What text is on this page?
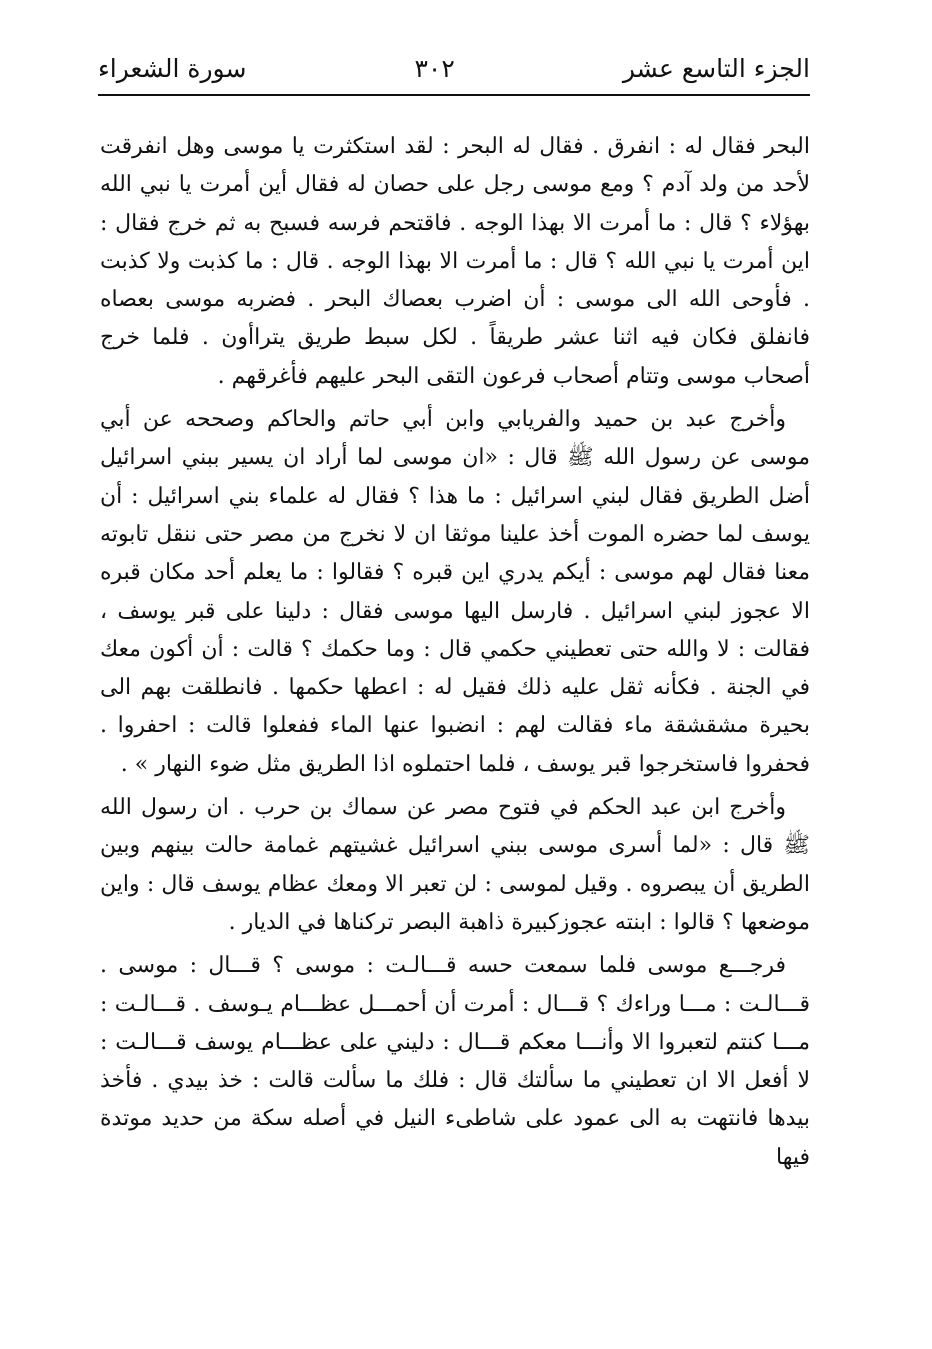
الجزء التاسع عشر
٣٠٢
سورة الشعراء

البحر فقال له : انفرق . فقال له البحر : لقد استكثرت يا موسى وهل انفرقت لأحد من ولد آدم ؟ ومع موسى رجل على حصان له فقال أين أمرت يا نبي الله بهؤلاء ؟ قال : ما أمرت الا بهذا الوجه . فاقتحم فرسه فسبح به ثم خرج فقال : اين أمرت يا نبي الله ؟ قال : ما أمرت الا بهذا الوجه . قال : ما كذبت ولا كذبت . فأوحى الله الى موسى : أن اضرب بعصاك البحر . فضربه موسى بعصاه فانفلق فكان فيه اثنا عشر طريقاً . لكل سبط طريق يتراأون . فلما خرج أصحاب موسى وتتام أصحاب فرعون التقى البحر عليهم فأغرقهم .

وأخرج عبد بن حميد والفريابي وابن أبي حاتم والحاكم وصححه عن أبي موسى عن رسول الله ﷺ قال : «ان موسى لما أراد ان يسير ببني اسرائيل أضل الطريق فقال لبني اسرائيل : ما هذا ؟ فقال له علماء بني اسرائيل : أن يوسف لما حضره الموت أخذ علينا موثقا ان لا نخرج من مصر حتى ننقل تابوته معنا فقال لهم موسى : أيكم يدري اين قبره ؟ فقالوا : ما يعلم أحد مكان قبره الا عجوز لبني اسرائيل . فارسل اليها موسى فقال : دلينا على قبر يوسف ، فقالت : لا والله حتى تعطيني حكمي قال : وما حكمك ؟ قالت : أن أكون معك في الجنة . فكأنه ثقل عليه ذلك فقيل له : اعطها حكمها . فانطلقت بهم الى بحيرة مشقشقة ماء فقالت لهم : انضبوا عنها الماء ففعلوا قالت : احفروا . فحفروا فاستخرجوا قبر يوسف ، فلما احتملوه اذا الطريق مثل ضوء النهار » .

وأخرج ابن عبد الحكم في فتوح مصر عن سماك بن حرب . ان رسول الله ﷺ قال : «لما أسرى موسى ببني اسرائيل غشيتهم غمامة حالت بينهم وبين الطريق أن يبصروه . وقيل لموسى : لن تعبر الا ومعك عظام يوسف قال : واين موضعها ؟ قالوا : ابنته عجوزكبيرة ذاهبة البصر تركناها في الديار .

فرجـــع موسى فلما سمعت حسه قـــالـت : موسى ؟ قـــال : موسى . قـــالـت : مـــا وراءك ؟ قـــال : أمرت أن أحمـــل عظـــام يـوسف . قـــالـت : مـــا كنتم لتعبروا الا وأنـــا معكم قـــال : دليني على عظـــام يوسف قـــالـت : لا أفعل الا ان تعطيني ما سألتك قال : فلك ما سألت قالت : خذ بيدي . فأخذ بيدها فانتهت به الى عمود على شاطىء النيل في أصله سكة من حديد موتدة فيها
